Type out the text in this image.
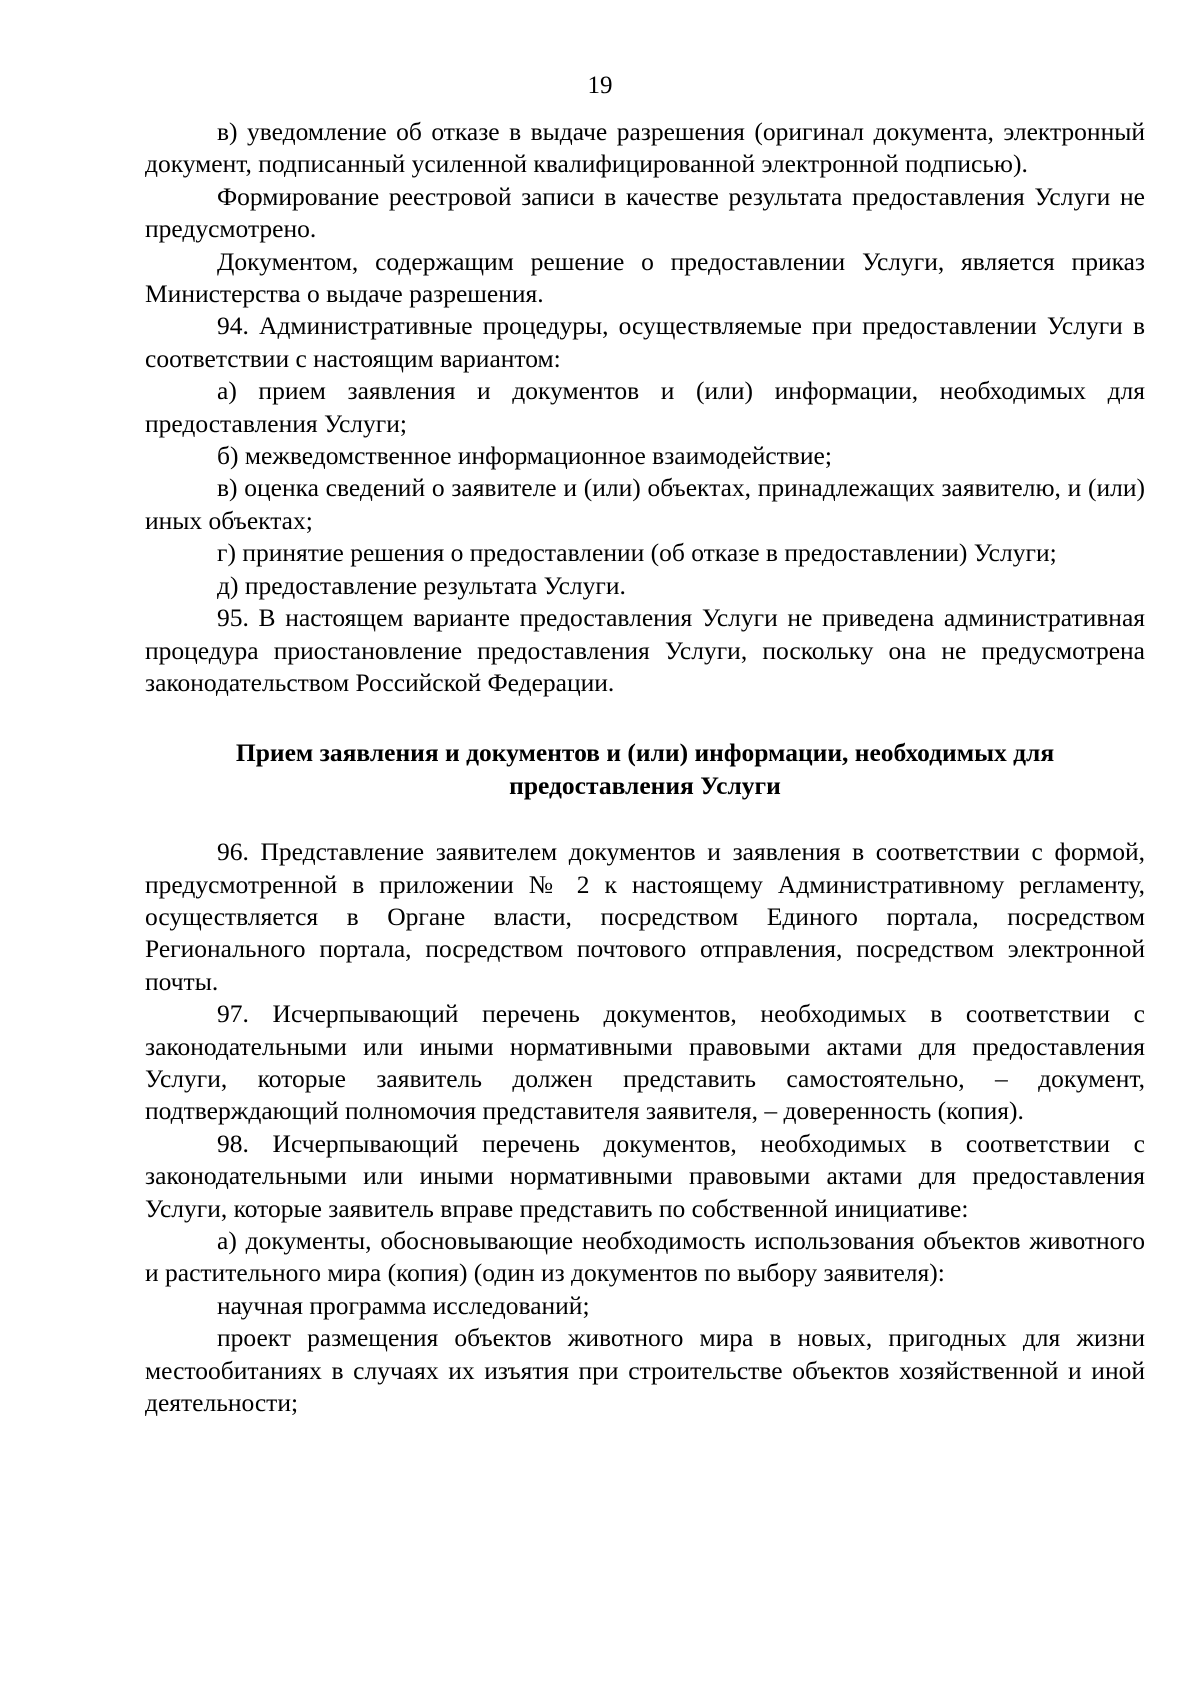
19

в) уведомление об отказе в выдаче разрешения (оригинал документа, электронный документ, подписанный усиленной квалифицированной электронной подписью).

Формирование реестровой записи в качестве результата предоставления Услуги не предусмотрено.

Документом, содержащим решение о предоставлении Услуги, является приказ Министерства о выдаче разрешения.

94. Административные процедуры, осуществляемые при предоставлении Услуги в соответствии с настоящим вариантом:

а) прием заявления и документов и (или) информации, необходимых для предоставления Услуги;

б) межведомственное информационное взаимодействие;

в) оценка сведений о заявителе и (или) объектах, принадлежащих заявителю, и (или) иных объектах;

г) принятие решения о предоставлении (об отказе в предоставлении) Услуги;

д) предоставление результата Услуги.

95. В настоящем варианте предоставления Услуги не приведена административная процедура приостановление предоставления Услуги, поскольку она не предусмотрена законодательством Российской Федерации.

Прием заявления и документов и (или) информации, необходимых для
предоставления Услуги

96. Представление заявителем документов и заявления в соответствии с формой, предусмотренной в приложении № 2 к настоящему Административному регламенту, осуществляется в Органе власти, посредством Единого портала, посредством Регионального портала, посредством почтового отправления, посредством электронной почты.

97. Исчерпывающий перечень документов, необходимых в соответствии с законодательными или иными нормативными правовыми актами для предоставления Услуги, которые заявитель должен представить самостоятельно, – документ, подтверждающий полномочия представителя заявителя, – доверенность (копия).

98. Исчерпывающий перечень документов, необходимых в соответствии с законодательными или иными нормативными правовыми актами для предоставления Услуги, которые заявитель вправе представить по собственной инициативе:

а) документы, обосновывающие необходимость использования объектов животного и растительного мира (копия) (один из документов по выбору заявителя):

научная программа исследований;

проект размещения объектов животного мира в новых, пригодных для жизни местообитаниях в случаях их изъятия при строительстве объектов хозяйственной и иной деятельности;
